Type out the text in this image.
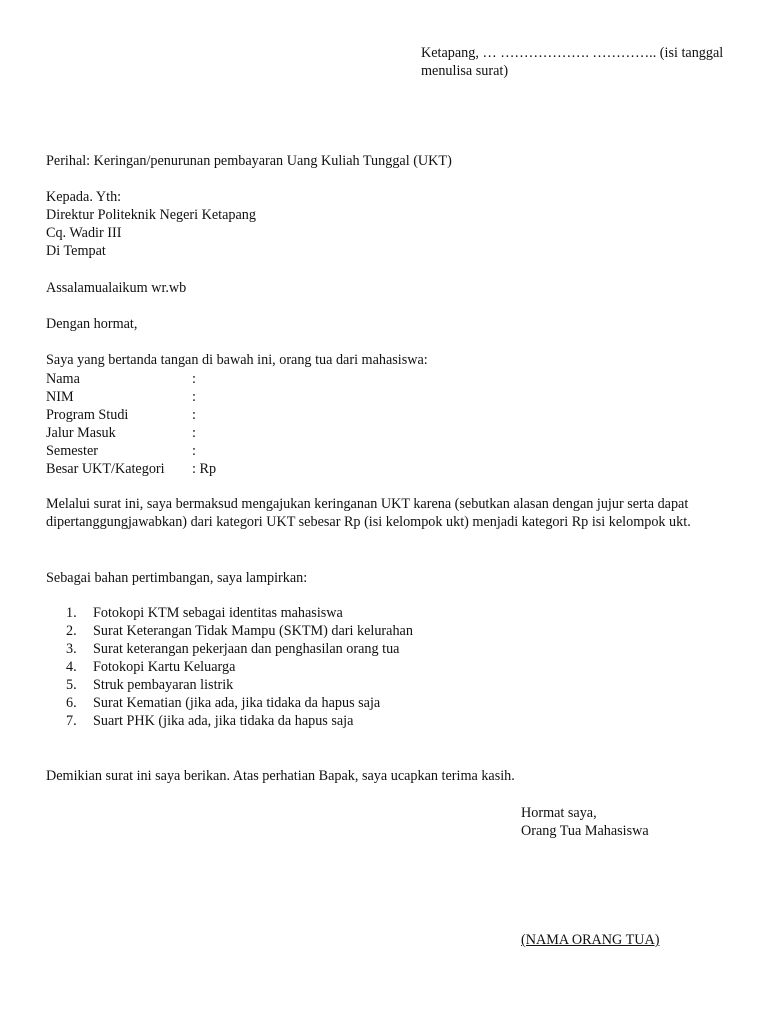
Ketapang, … ………………. ………….. (isi tanggal menulisa surat)
Perihal: Keringan/penurunan pembayaran Uang Kuliah Tunggal (UKT)
Kepada. Yth:
Direktur Politeknik Negeri Ketapang
Cq. Wadir III
Di Tempat
Assalamualaikum wr.wb
Dengan hormat,
Saya yang bertanda tangan di bawah ini, orang tua dari mahasiswa:
Nama	:
NIM	:
Program Studi	:
Jalur Masuk	:
Semester	:
Besar UKT/Kategori : Rp
Melalui surat ini, saya bermaksud mengajukan keringanan UKT karena (sebutkan alasan dengan jujur serta dapat dipertanggungjawabkan) dari kategori UKT sebesar Rp (isi kelompok ukt) menjadi kategori Rp isi kelompok ukt.
Sebagai bahan pertimbangan, saya lampirkan:
1.	Fotokopi KTM sebagai identitas mahasiswa
2.	Surat Keterangan Tidak Mampu (SKTM) dari kelurahan
3.	Surat keterangan pekerjaan dan penghasilan orang tua
4.	Fotokopi Kartu Keluarga
5.	Struk pembayaran listrik
6.	Surat Kematian (jika ada, jika tidaka da hapus saja
7.	Suart PHK (jika ada, jika tidaka da hapus saja
Demikian surat ini saya berikan. Atas perhatian Bapak, saya ucapkan terima kasih.
Hormat saya,
Orang Tua Mahasiswa
(NAMA ORANG TUA)
